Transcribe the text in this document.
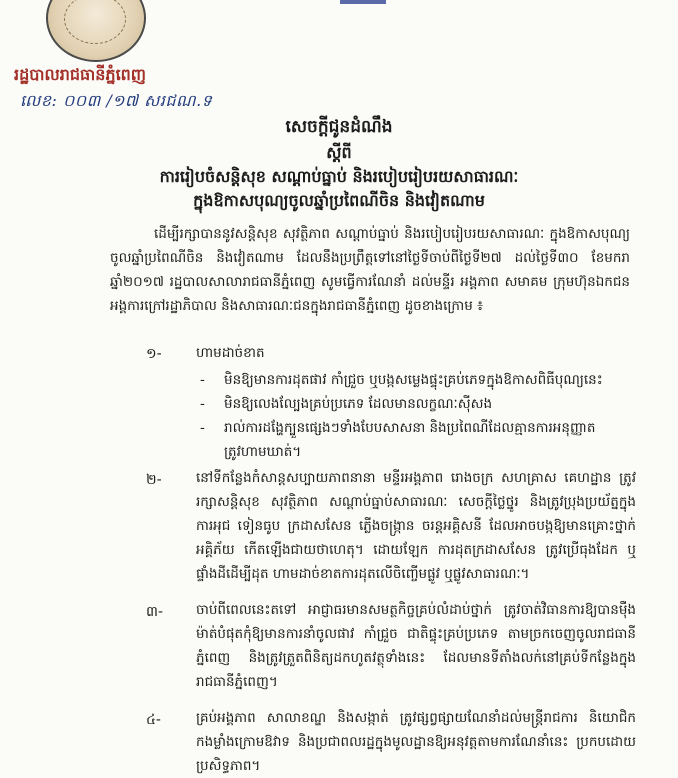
រដ្ឋបាលរាជធានីភ្នំពេញ
លេខ: ០០៣ /១៧ សរជណ.ទ
សេចក្ដីជូនដំណឹង
ស្ដីពី
ការរៀបចំសន្តិសុខ សណ្ដាប់ធ្នាប់ និងរបៀបរៀបរយសាធារណៈ
ក្នុងឱកាសបុណ្យចូលឆ្នាំប្រពៃណីចិន និងវៀតណាម
ដើម្បីរក្សាបាននូវសន្តិសុខ សុវត្ថិភាព សណ្ដាប់ធ្នាប់ និងរបៀបរៀបរយសាធារណៈ ក្នុងឱកាសបុណ្យចូលឆ្នាំប្រពៃណីចិន និងវៀតណាម ដែលនឹងប្រព្រឹត្តទៅនៅថ្ងៃទីចាប់ពីថ្ងៃទី២៧ ដល់ថ្ងៃទី៣០ ខែមករា ឆ្នាំ២០១៧ រដ្ឋបាលសាលារាជធានីភ្នំពេញ សូមធ្វើការណែនាំ ដល់មន្ទីរ អង្គភាព សមាគម ក្រុមហ៊ុនឯកជន អង្គការក្រៅរដ្ឋាភិបាល និងសាធារណៈជនក្នុងរាជធានីភ្នំពេញ ដូចខាងក្រោម ៖
១-	ហាមដាច់ខាត
-	មិនឱ្យមានការដុតផាវ កាំជ្រួច ឬបង្កសម្លេងផ្ទុះគ្រប់ភេទក្នុងឱកាសពិធីបុណ្យនេះ
-	មិនឱ្យលេងល្បែងគ្រប់ប្រភេទ ដែលមានលក្ខណៈស៊ីសង
-	រាល់ការដង្ហែក្បួនផ្សេងៗទាំងបែបសាសនា និងប្រពៃណីដែលគ្មានការអនុញ្ញាត ត្រូវហាមឃាត់។
២-	នៅទីកន្លែងកំសាន្តសប្បាយភាពនានា មន្ទីរអង្គភាព រោងចក្រ សហគ្រាស គេហដ្ឋាន ត្រូវរក្សាសន្តិសុខ សុវត្ថិភាព សណ្ដាប់ធ្នាប់សាធារណៈ សេចក្ដីថ្លៃថ្នូរ និងត្រូវប្រុងប្រយ័ត្នក្នុងការអុជ ទៀនធូប ក្រដាសសែន ភ្លើងចង្ក្រាន ចរន្តអគ្គិសនី ដែលអាចបង្កឱ្យមានគ្រោះថ្នាក់អគ្គិភ័យ កើតឡើងជាយថាហេតុ។ ដោយឡែក ការដុតក្រដាសសែន ត្រូវប្រើធុងដែក ឬផ្ទាំងដីដើម្បីដុត ហាមដាច់ខាតការដុតលើចិញ្ចើមផ្លូវ ឬផ្លូវសាធារណៈ។
៣- ចាប់ពីពេលនេះតទៅ អាជ្ញាធរមានសមត្ថកិច្ចគ្រប់លំដាប់ថ្នាក់ ត្រូវចាត់វិធានការឱ្យបានម៉ឺងម៉ាត់បំផុតកុំឱ្យមានការនាំចូលផាវ កាំជ្រួច ជាតិផ្ទុះគ្រប់ប្រភេទ តាមច្រកចេញចូលរាជធានីភ្នំពេញ និងត្រូវត្រួតពិនិត្យដកហូតវត្ថុទាំងនេះ ដែលមានទីតាំងលក់នៅគ្រប់ទីកន្លែងក្នុងរាជធានីភ្នំពេញ។
៤-	គ្រប់អង្គភាព សាលាខណ្ឌ និងសង្កាត់ ត្រូវផ្សព្វផ្សាយណែនាំដល់មន្ត្រីរាជការ និយោជិក កងម្លាំងក្រោមឱវាទ និងប្រជាពលរដ្ឋក្នុងមូលដ្ឋានឱ្យអនុវត្តតាមការណែនាំនេះ ប្រកបដោយប្រសិទ្ធភាព។
